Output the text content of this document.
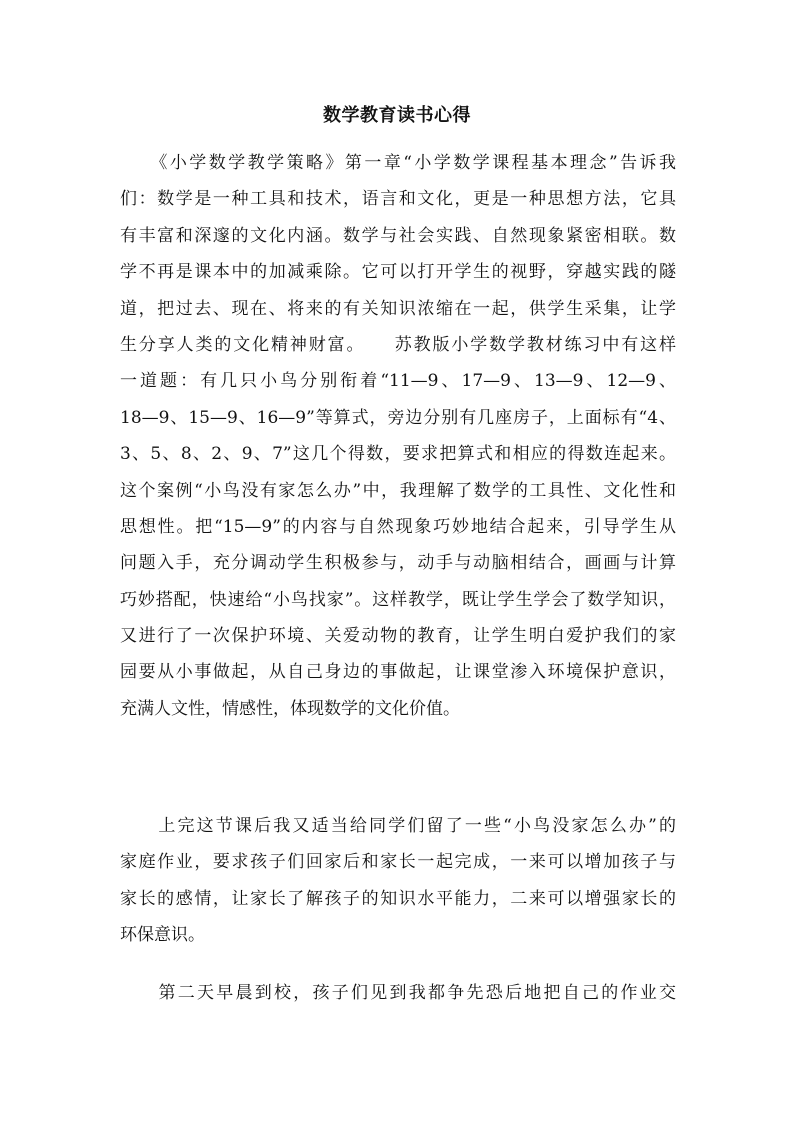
数学教育读书心得
　　《小学数学教学策略》第一章“小学数学课程基本理念”告诉我
们：数学是一种工具和技术，语言和文化，更是一种思想方法，它具
有丰富和深邃的文化内涵。数学与社会实践、自然现象紧密相联。数
学不再是课本中的加减乘除。它可以打开学生的视野，穿越实践的隧
道，把过去、现在、将来的有关知识浓缩在一起，供学生采集，让学
生分享人类的文化精神财富。　　苏教版小学数学教材练习中有这样
一道题：有几只小鸟分别衔着“11—9、17—9、13—9、12—9、
18—9、15—9、16—9”等算式，旁边分别有几座房子，上面标有“4、
3、5、8、2、9、7”这几个得数，要求把算式和相应的得数连起来。
这个案例“小鸟没有家怎么办”中，我理解了数学的工具性、文化性和
思想性。把“15—9”的内容与自然现象巧妙地结合起来，引导学生从
问题入手，充分调动学生积极参与，动手与动脑相结合，画画与计算
巧妙搭配，快速给“小鸟找家”。这样教学，既让学生学会了数学知识，
又进行了一次保护环境、关爱动物的教育，让学生明白爱护我们的家
园要从小事做起，从自己身边的事做起，让课堂渗入环境保护意识，
充满人文性，情感性，体现数学的文化价值。
　　上完这节课后我又适当给同学们留了一些“小鸟没家怎么办”的
家庭作业，要求孩子们回家后和家长一起完成，一来可以增加孩子与
家长的感情，让家长了解孩子的知识水平能力，二来可以增强家长的
环保意识。
　　第二天早晨到校，孩子们见到我都争先恐后地把自己的作业交
